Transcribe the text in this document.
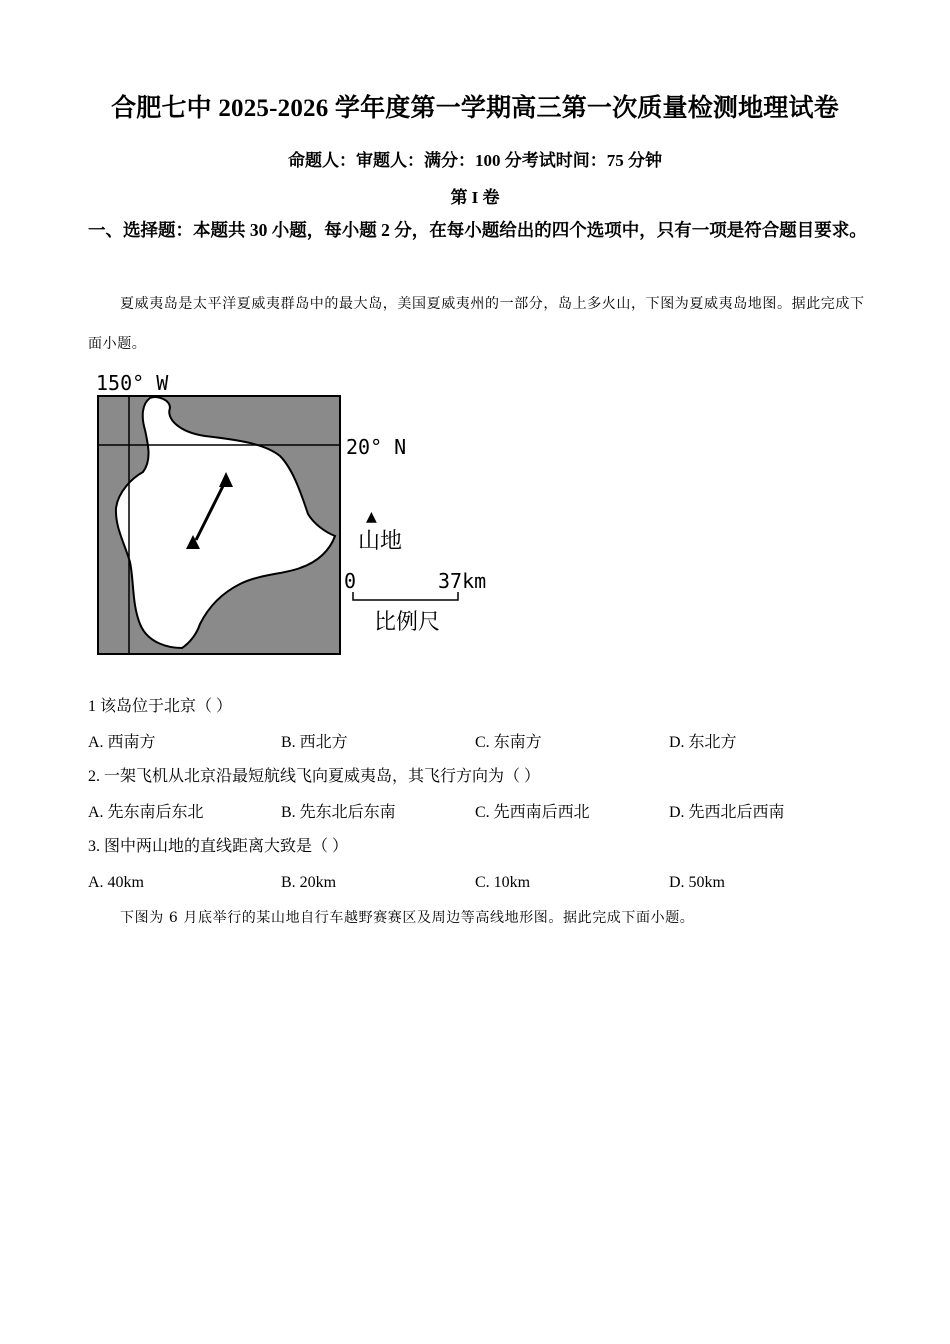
合肥七中 2025-2026 学年度第一学期高三第一次质量检测地理试卷
命题人：审题人：满分：100 分考试时间：75 分钟
第 I 卷
一、选择题：本题共 30 小题，每小题 2 分，在每小题给出的四个选项中，只有一项是符合题目要求。
夏威夷岛是太平洋夏威夷群岛中的最大岛，美国夏威夷州的一部分，岛上多火山，下图为夏威夷岛地图。据此完成下面小题。
150° W
20° N
▲
山地
0	37km
比例尺
1 该岛位于北京（ ）
A. 西南方	B. 西北方	C. 东南方	D. 东北方
2. 一架飞机从北京沿最短航线飞向夏威夷岛，其飞行方向为（ ）
A. 先东南后东北	B. 先东北后东南	C. 先西南后西北	D. 先西北后西南
3. 图中两山地的直线距离大致是（ ）
A. 40km	B. 20km	C. 10km	D. 50km
下图为 6 月底举行的某山地自行车越野赛赛区及周边等高线地形图。据此完成下面小题。
